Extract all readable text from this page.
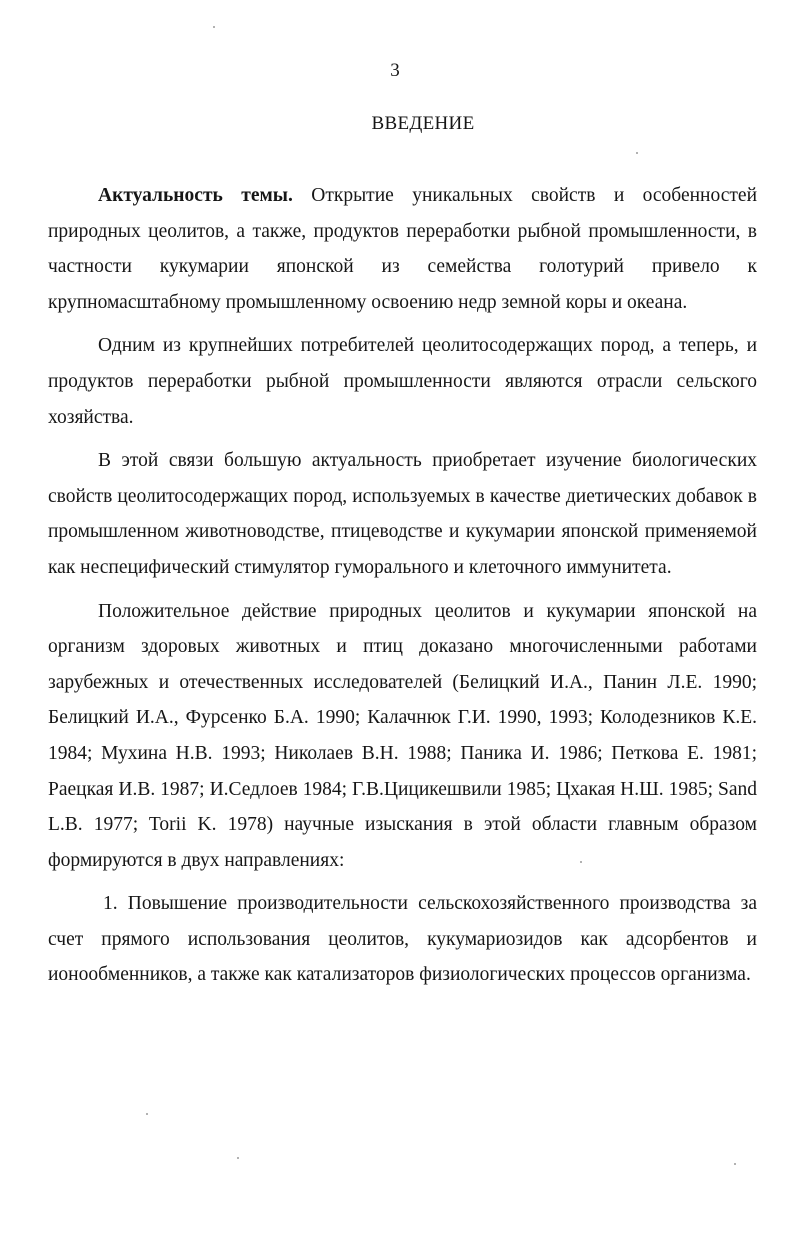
3
ВВЕДЕНИЕ

Актуальность темы. Открытие уникальных свойств и особенностей природных цеолитов, а также, продуктов переработки рыбной промышленности, в частности кукумарии японской из семейства голотурий привело к крупномасштабному промышленному освоению недр земной коры и океана.

Одним из крупнейших потребителей цеолитосодержащих пород, а теперь, и продуктов переработки рыбной промышленности являются отрасли сельского хозяйства.

В этой связи большую актуальность приобретает изучение биологических свойств цеолитосодержащих пород, используемых в качестве диетических добавок в промышленном животноводстве, птицеводстве и кукумарии японской применяемой как неспецифический стимулятор гуморального и клеточного иммунитета.

Положительное действие природных цеолитов и кукумарии японской на организм здоровых животных и птиц доказано многочисленными работами зарубежных и отечественных исследователей (Белицкий И.А., Панин Л.Е. 1990; Белицкий И.А., Фурсенко Б.А. 1990; Калачнюк Г.И. 1990, 1993; Колодезников К.Е. 1984; Мухина Н.В. 1993; Николаев В.Н. 1988; Паника И. 1986; Петкова Е. 1981; Раецкая И.В. 1987; И.Седлоев 1984; Г.В.Цицикешвили 1985; Цхакая Н.Ш. 1985; Sand L.B. 1977; Torii K. 1978) научные изыскания в этой области главным образом формируются в двух направлениях:

1. Повышение производительности сельскохозяйственного производства за счет прямого использования цеолитов, кукумариозидов как адсорбентов и ионообменников, а также как катализаторов физиологических процессов организма.
